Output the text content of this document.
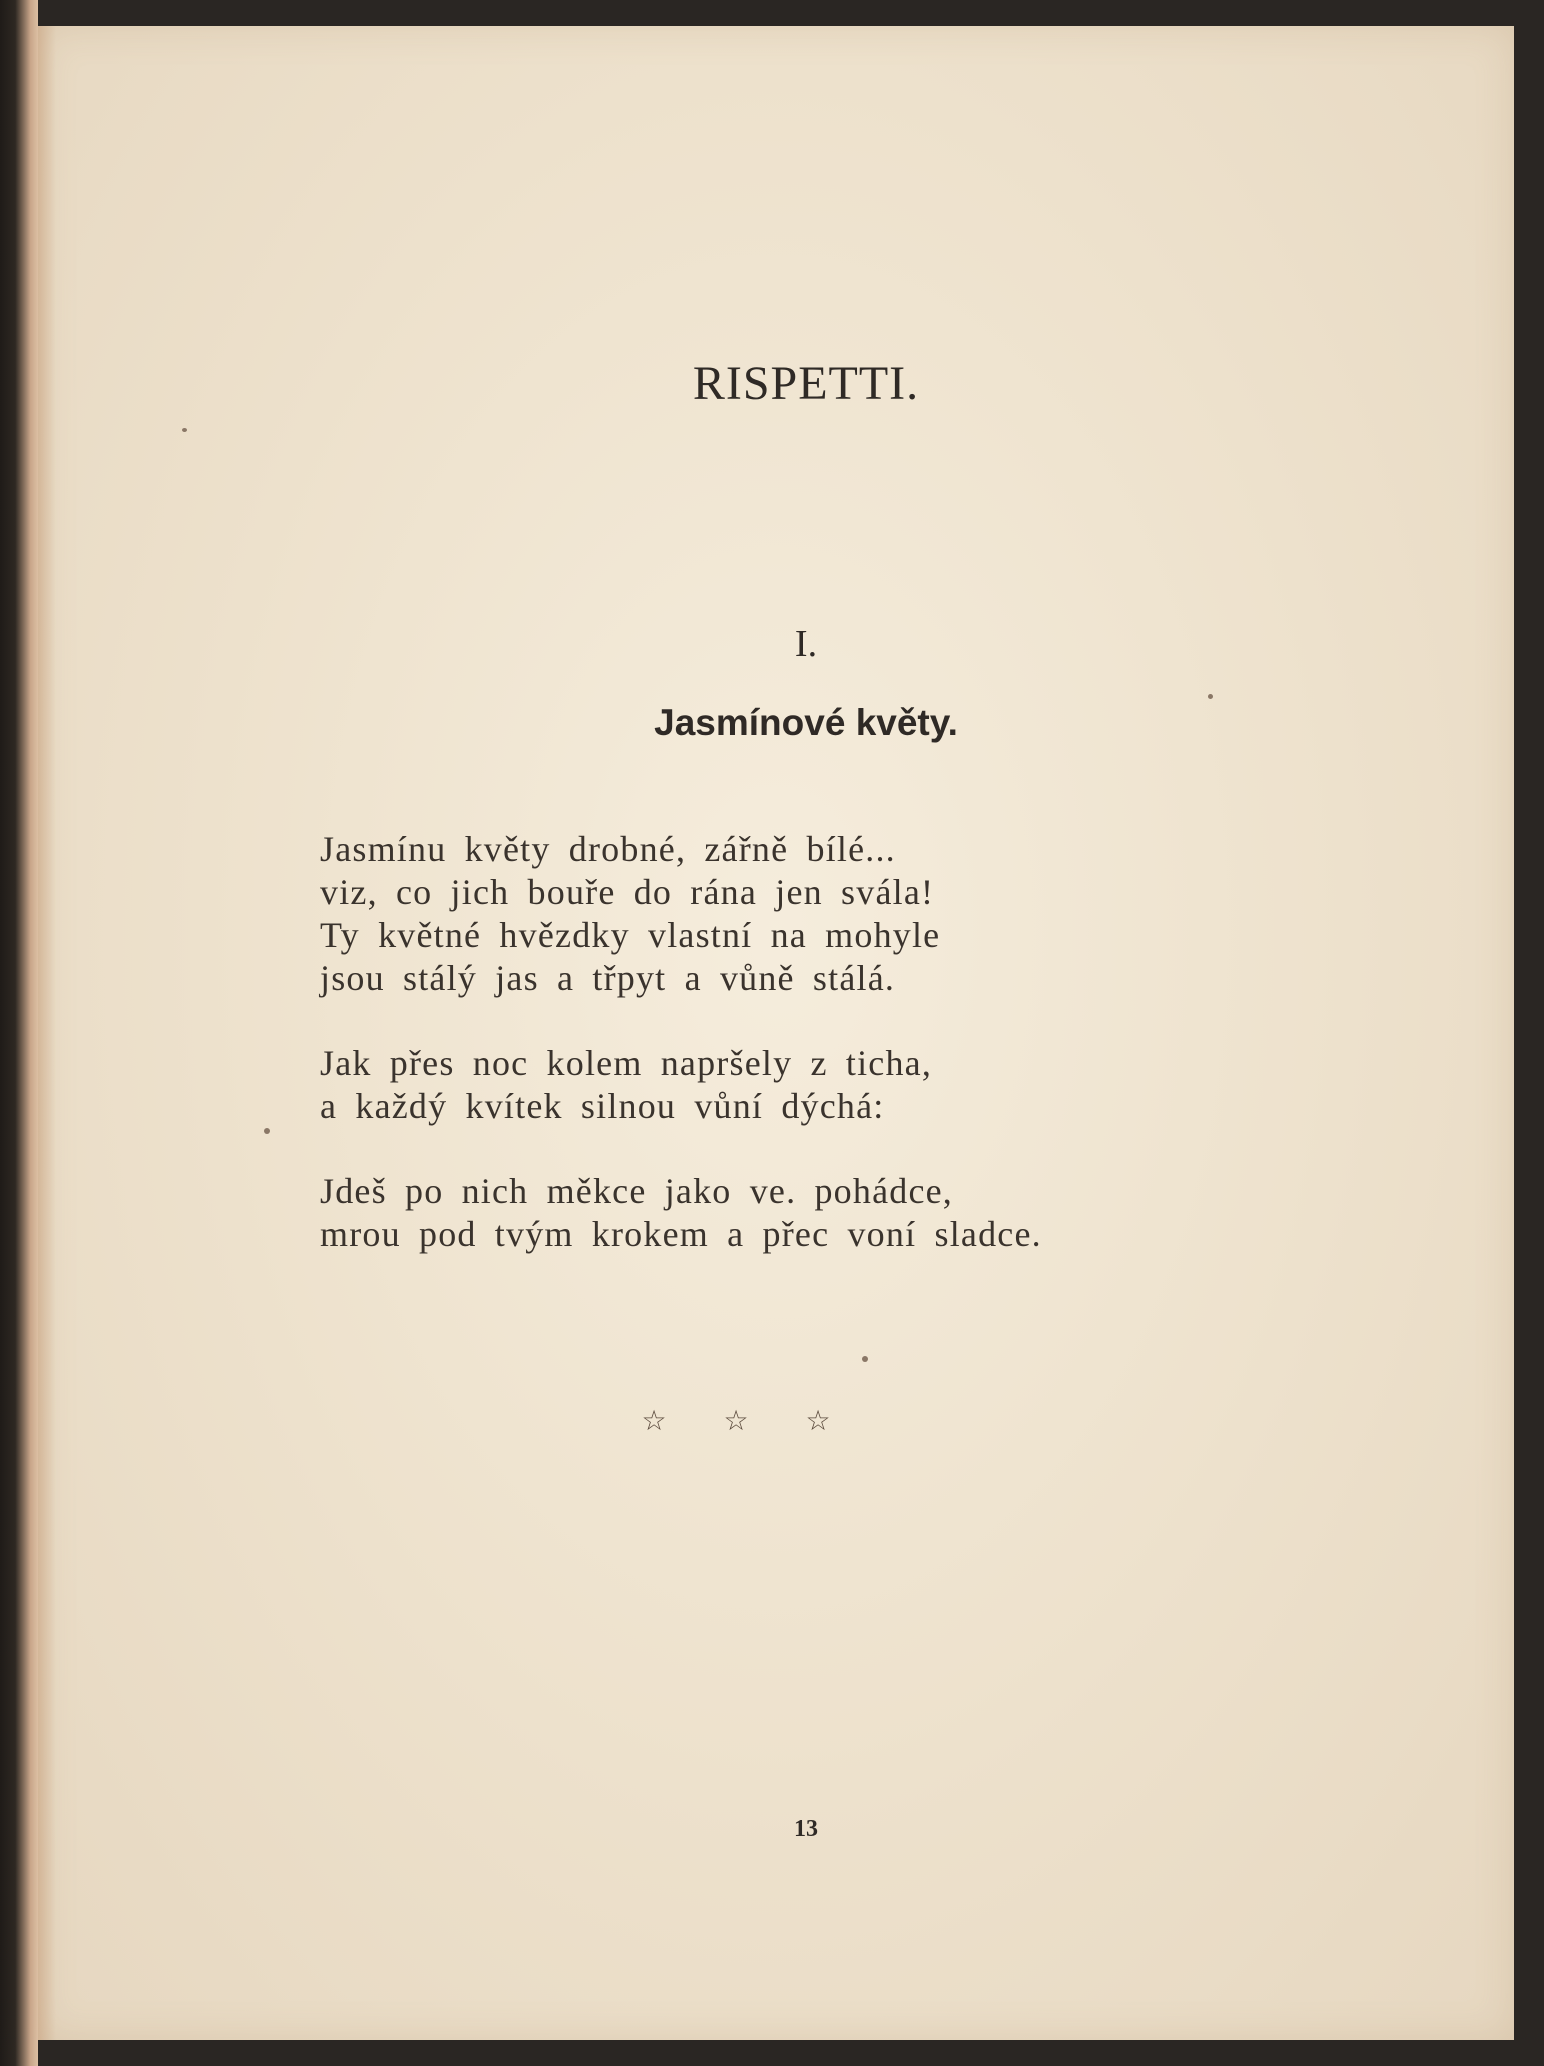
RISPETTI.
I.
Jasmínové květy.
Jasmínu květy drobné, zářně bílé...
viz, co jich bouře do rána jen svála!
Ty květné hvězdky vlastní na mohyle
jsou stálý jas a třpyt a vůně stálá.
Jak přes noc kolem napršely z ticha,
a každý kvítek silnou vůní dýchá:
Jdeš po nich měkce jako ve. pohádce,
mrou pod tvým krokem a přec voní sladce.
☆ ☆ ☆
13
